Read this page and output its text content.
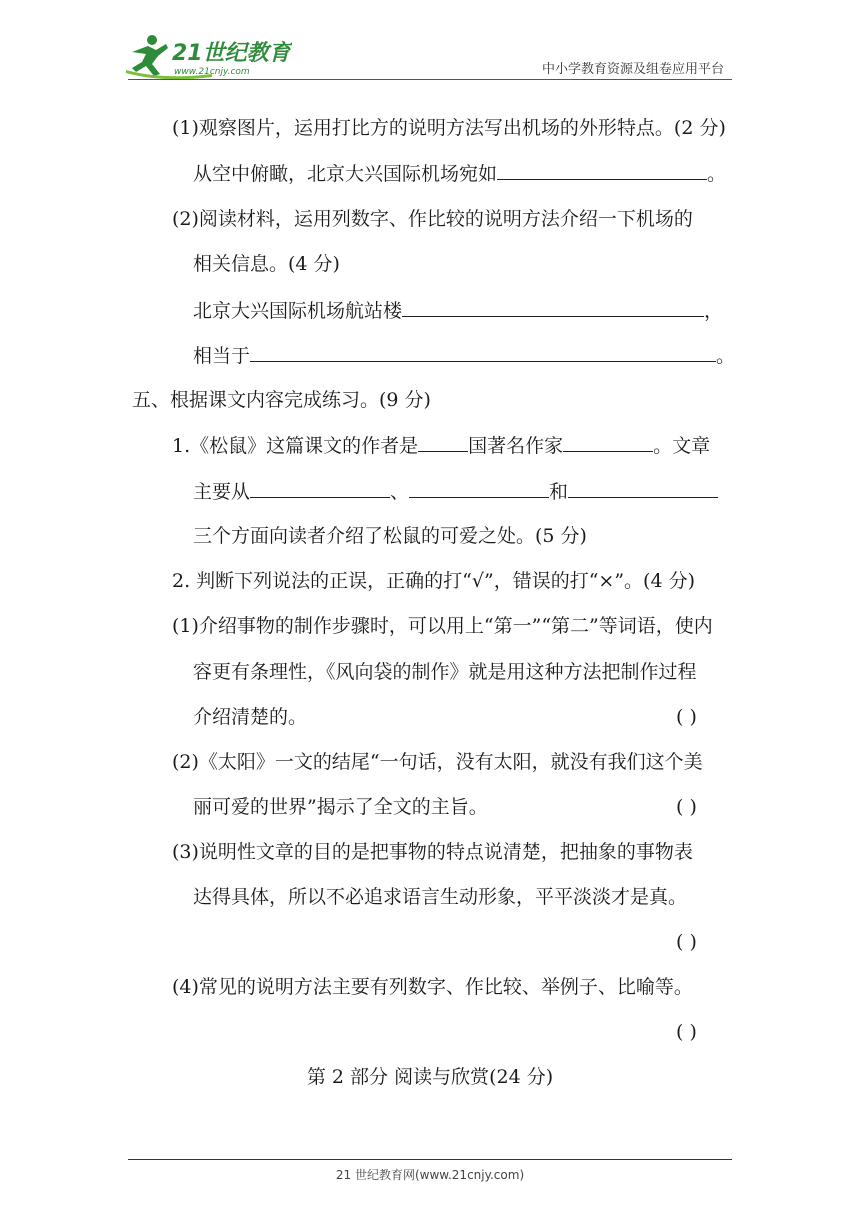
21世纪教育
www.21cnjy.com	中小学教育资源及组卷应用平台
(1)观察图片，运用打比方的说明方法写出机场的外形特点。(2 分)
从空中俯瞰，北京大兴国际机场宛如	。
(2)阅读材料，运用列数字、作比较的说明方法介绍一下机场的
相关信息。(4 分)
北京大兴国际机场航站楼	，
相当于	。
五、根据课文内容完成练习。(9 分)
1.《松鼠》这篇课文的作者是	国著名作家	。文章
主要从	、	和
三个方面向读者介绍了松鼠的可爱之处。(5 分)
2. 判断下列说法的正误，正确的打“√”，错误的打“×”。(4 分)
(1)介绍事物的制作步骤时，可以用上“第一”“第二”等词语，使内
容更有条理性，《风向袋的制作》就是用这种方法把制作过程
介绍清楚的。	( )
(2)《太阳》一文的结尾“一句话，没有太阳，就没有我们这个美
丽可爱的世界”揭示了全文的主旨。	( )
(3)说明性文章的目的是把事物的特点说清楚，把抽象的事物表
达得具体，所以不必追求语言生动形象，平平淡淡才是真。
( )
(4)常见的说明方法主要有列数字、作比较、举例子、比喻等。
( )
第 2 部分 阅读与欣赏(24 分)
21 世纪教育网(www.21cnjy.com)
